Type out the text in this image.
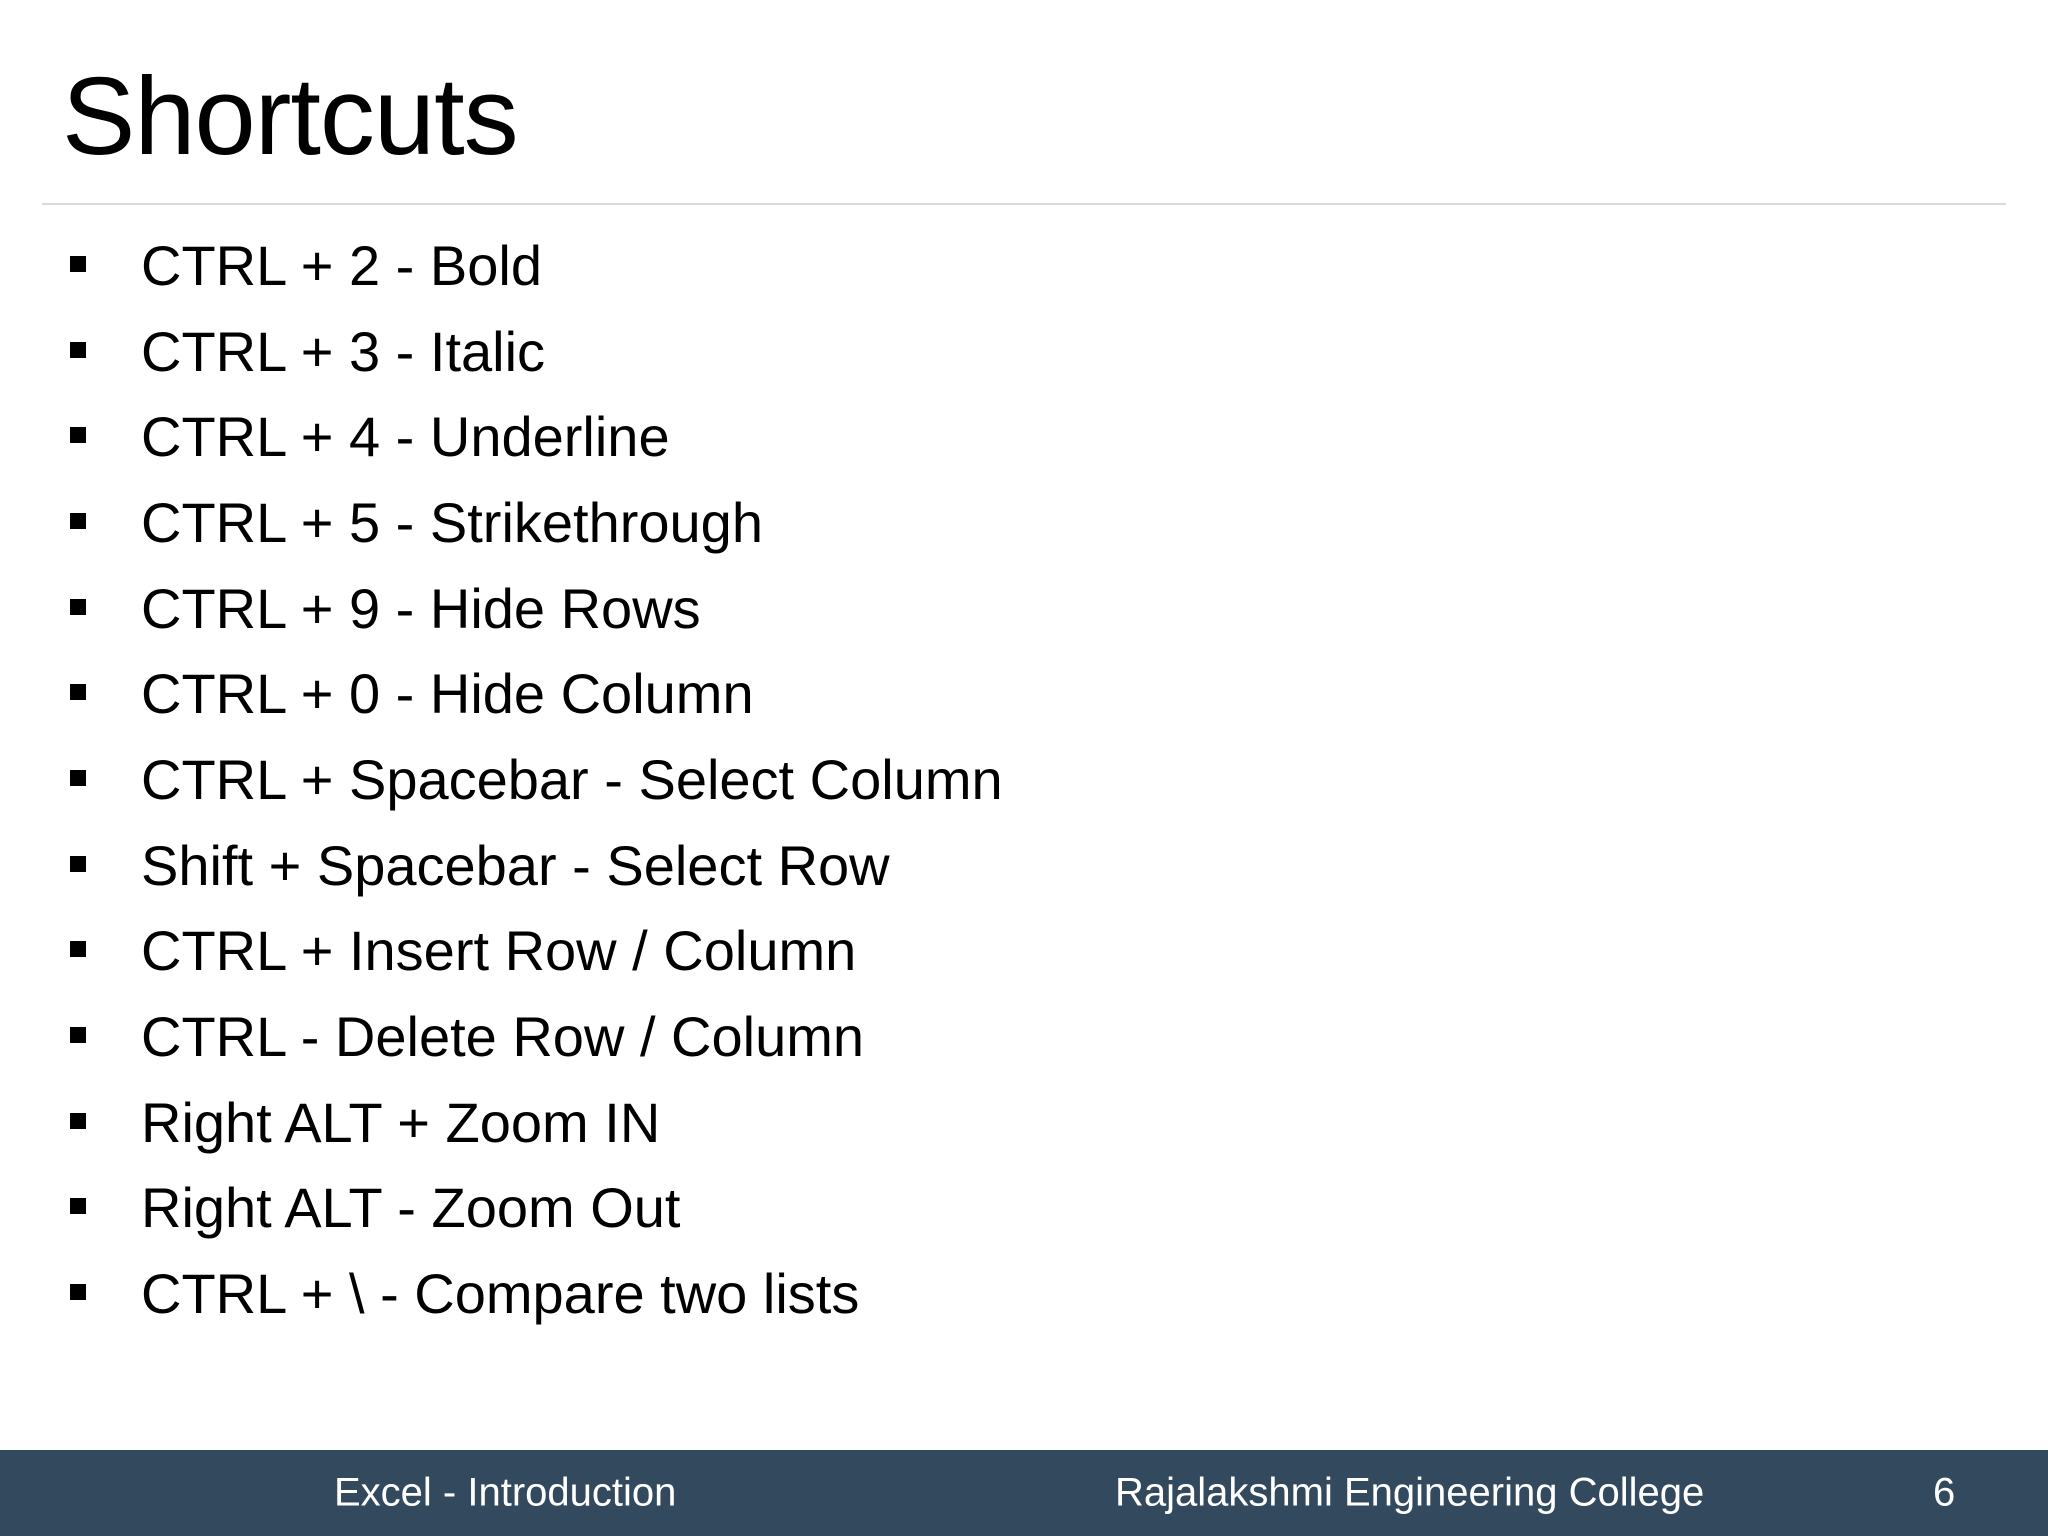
Shortcuts
CTRL + 2 - Bold
CTRL + 3 - Italic
CTRL + 4 - Underline
CTRL + 5 - Strikethrough
CTRL + 9 - Hide Rows
CTRL + 0 - Hide Column
CTRL + Spacebar - Select Column
Shift + Spacebar - Select Row
CTRL + Insert Row / Column
CTRL - Delete Row / Column
Right ALT + Zoom IN
Right ALT - Zoom Out
CTRL + \ - Compare two lists
Excel - Introduction	Rajalakshmi Engineering College	6
